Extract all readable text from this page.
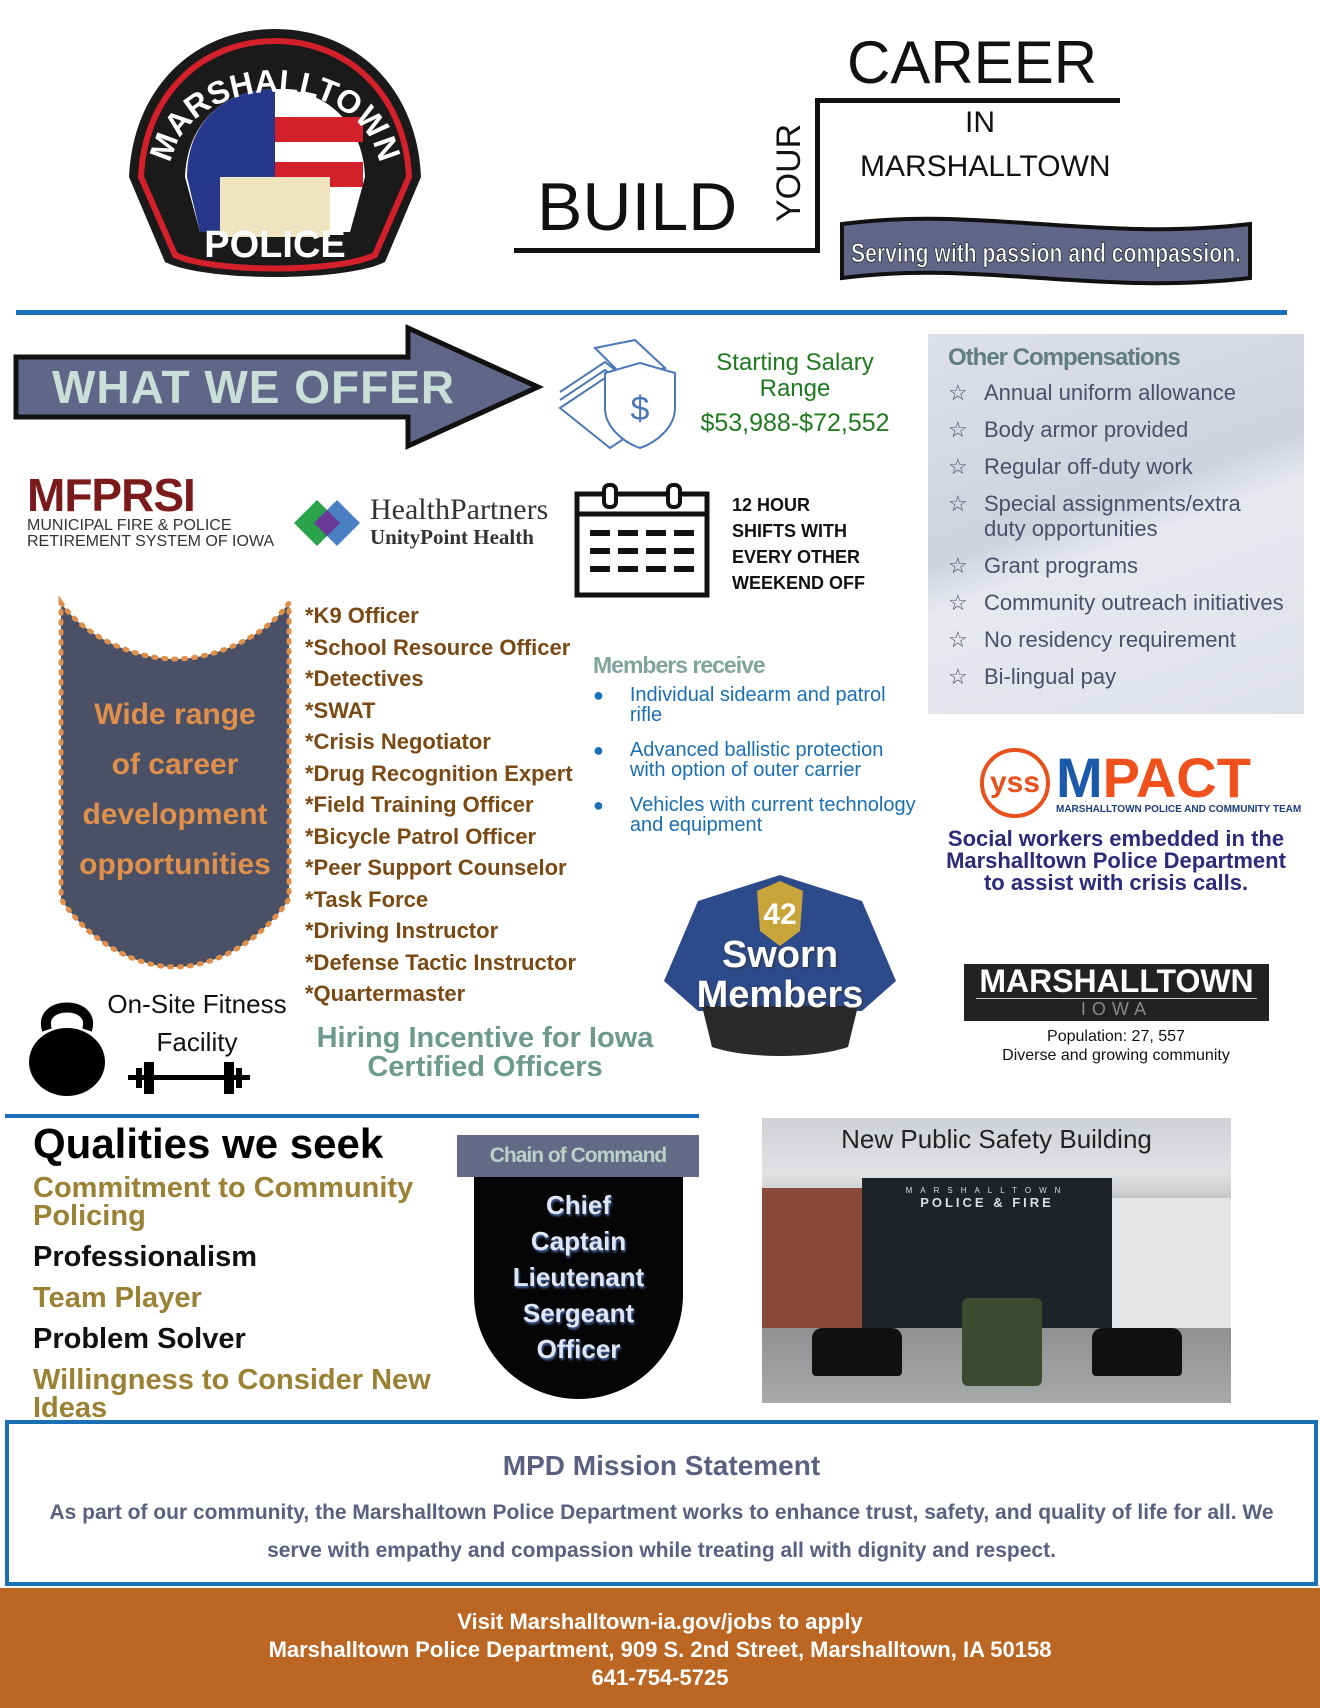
POLICE
MARSHALLTOWN
CAREER
BUILD YOUR
IN
MARSHALLTOWN
Serving with passion and compassion.
WHAT WE OFFER	$
Starting Salary Range
$53,988-$72,552
Other Compensations
☆ Annual uniform allowance
☆ Body armor provided
☆ Regular off-duty work
☆ Special assignments/extra duty opportunities
☆ Grant programs
☆ Community outreach initiatives
☆ No residency requirement
☆ Bi-lingual pay
MFPRSI
MUNICIPAL FIRE & POLICE
RETIREMENT SYSTEM OF IOWA
HealthPartners
UnityPoint Health
12 HOUR
SHIFTS WITH
EVERY OTHER
WEEKEND OFF
Wide range
of career
development
opportunities
*K9 Officer
*School Resource Officer
*Detectives
*SWAT
*Crisis Negotiator
*Drug Recognition Expert
*Field Training Officer
*Bicycle Patrol Officer
*Peer Support Counselor
*Task Force
*Driving Instructor
*Defense Tactic Instructor
*Quartermaster
Members receive
● Individual sidearm and patrol rifle
● Advanced ballistic protection with option of outer carrier
● Vehicles with current technology and equipment
42
Sworn
Members
yss MPACT
MARSHALLTOWN POLICE AND COMMUNITY TEAM
Social workers embedded in the Marshalltown Police Department to assist with crisis calls.
MARSHALLTOWN
IOWA
Population: 27, 557
Diverse and growing community
On-Site Fitness
Facility	Hiring Incentive for Iowa Certified Officers
Qualities we seek

Commitment to Community Policing

Professionalism

Team Player

Problem Solver

Willingness to Consider New Ideas

Chain of Command
Chief
Captain
Lieutenant
Sergeant
Officer
New Public Safety Building
MARSHALLTOWN
POLICE & FIRE
MPD Mission Statement

As part of our community, the Marshalltown Police Department works to enhance trust, safety, and quality of life for all. We serve with empathy and compassion while treating all with dignity and respect.

Visit Marshalltown-ia.gov/jobs to apply
Marshalltown Police Department, 909 S. 2nd Street, Marshalltown, IA 50158
641-754-5725
